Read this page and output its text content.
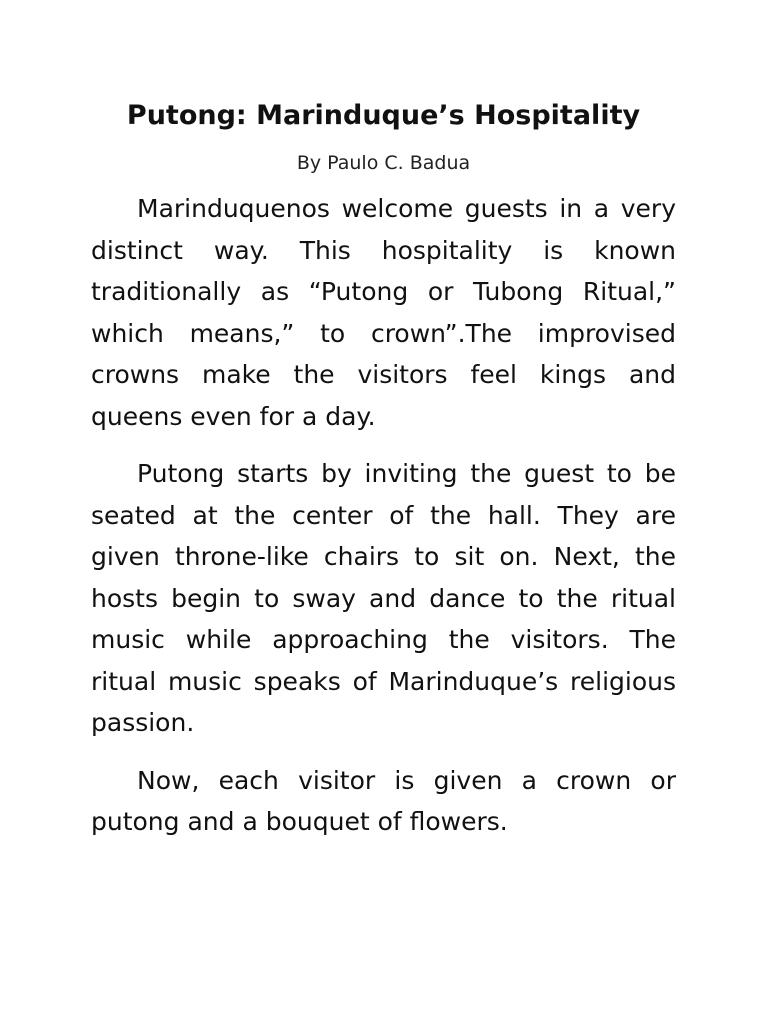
Putong: Marinduque’s Hospitality
By Paulo C. Badua

Marinduquenos welcome guests in a very distinct way. This hospitality is known traditionally as “Putong or Tubong Ritual,” which means,” to crown”.The improvised crowns make the visitors feel kings and queens even for a day.

Putong starts by inviting the guest to be seated at the center of the hall. They are given throne-like chairs to sit on. Next, the hosts begin to sway and dance to the ritual music while approaching the visitors. The ritual music speaks of Marinduque’s religious passion.

Now, each visitor is given a crown or putong and a bouquet of flowers.
